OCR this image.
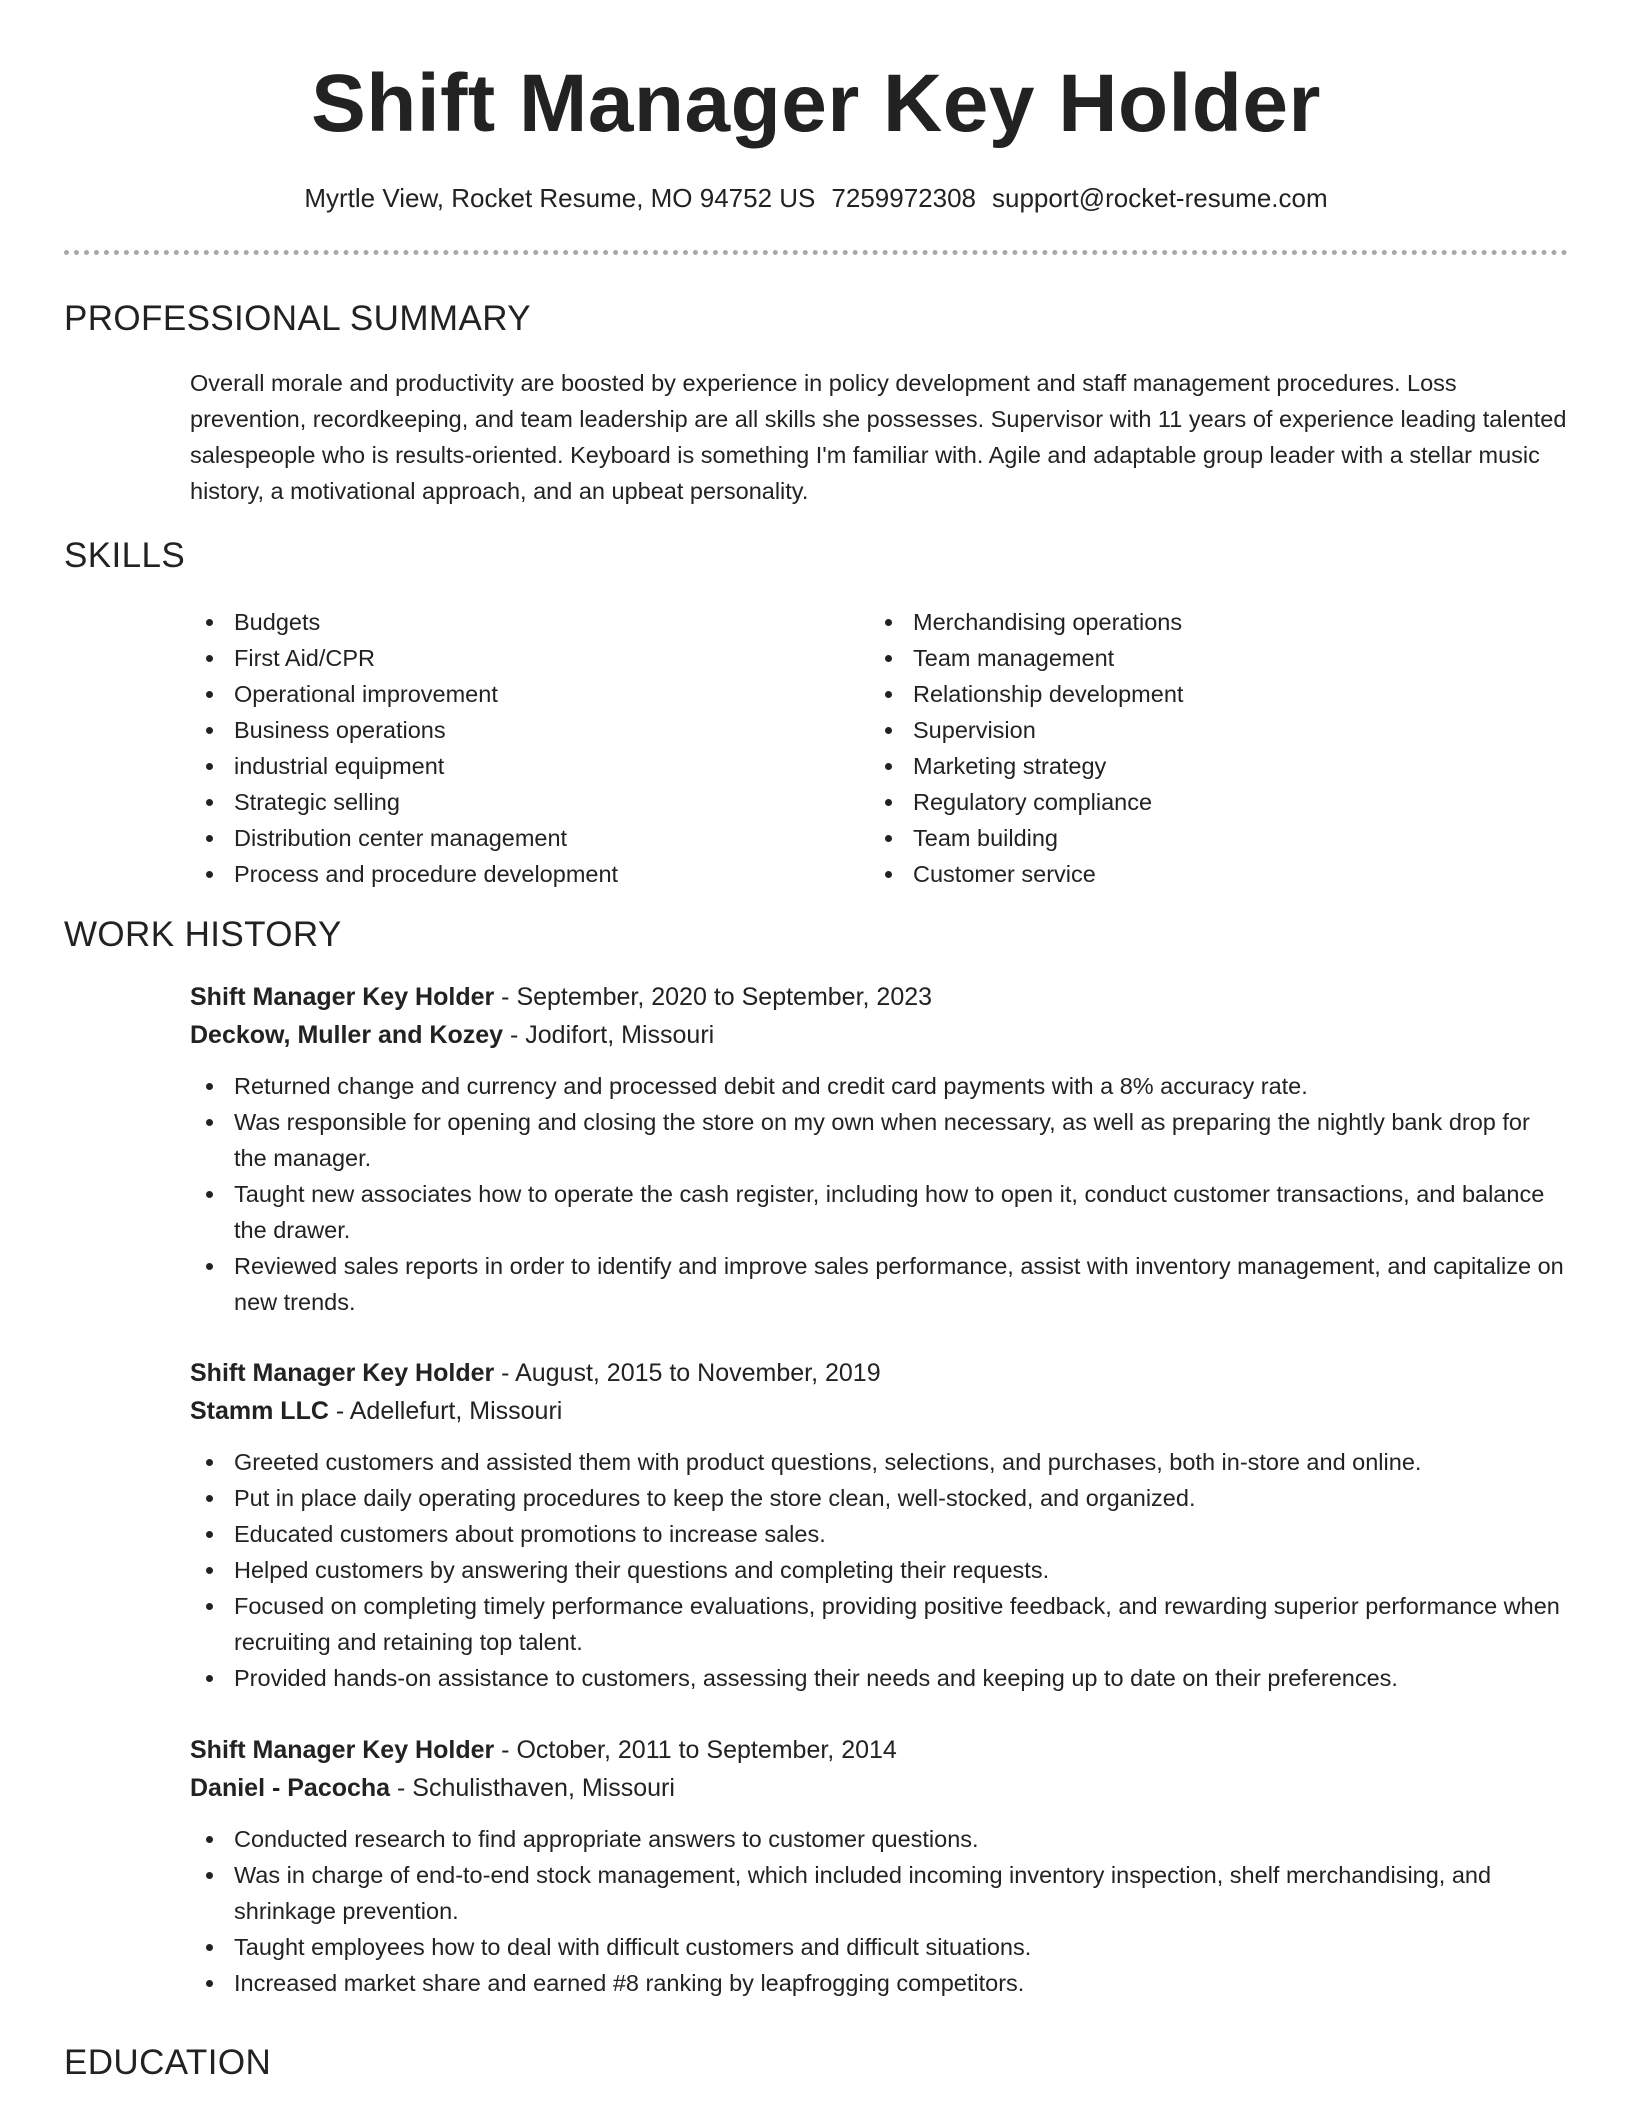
Shift Manager Key Holder
Myrtle View, Rocket Resume, MO 94752 US 7259972308 support@rocket-resume.com
PROFESSIONAL SUMMARY

Overall morale and productivity are boosted by experience in policy development and staff management procedures. Loss prevention, recordkeeping, and team leadership are all skills she possesses. Supervisor with 11 years of experience leading talented salespeople who is results-oriented. Keyboard is something I'm familiar with. Agile and adaptable group leader with a stellar music history, a motivational approach, and an upbeat personality.

SKILLS
Budgets
First Aid/CPR
Operational improvement
Business operations
industrial equipment
Strategic selling
Distribution center management
Process and procedure development
Merchandising operations
Team management
Relationship development
Supervision
Marketing strategy
Regulatory compliance
Team building
Customer service
WORK HISTORY
Shift Manager Key Holder - September, 2020 to September, 2023
Deckow, Muller and Kozey - Jodifort, Missouri
Returned change and currency and processed debit and credit card payments with a 8% accuracy rate.
Was responsible for opening and closing the store on my own when necessary, as well as preparing the nightly bank drop for the manager.
Taught new associates how to operate the cash register, including how to open it, conduct customer transactions, and balance the drawer.
Reviewed sales reports in order to identify and improve sales performance, assist with inventory management, and capitalize on new trends.
Shift Manager Key Holder - August, 2015 to November, 2019
Stamm LLC - Adellefurt, Missouri
Greeted customers and assisted them with product questions, selections, and purchases, both in-store and online.
Put in place daily operating procedures to keep the store clean, well-stocked, and organized.
Educated customers about promotions to increase sales.
Helped customers by answering their questions and completing their requests.
Focused on completing timely performance evaluations, providing positive feedback, and rewarding superior performance when recruiting and retaining top talent.
Provided hands-on assistance to customers, assessing their needs and keeping up to date on their preferences.
Shift Manager Key Holder - October, 2011 to September, 2014
Daniel - Pacocha - Schulisthaven, Missouri
Conducted research to find appropriate answers to customer questions.
Was in charge of end-to-end stock management, which included incoming inventory inspection, shelf merchandising, and shrinkage prevention.
Taught employees how to deal with difficult customers and difficult situations.
Increased market share and earned #8 ranking by leapfrogging competitors.
EDUCATION
